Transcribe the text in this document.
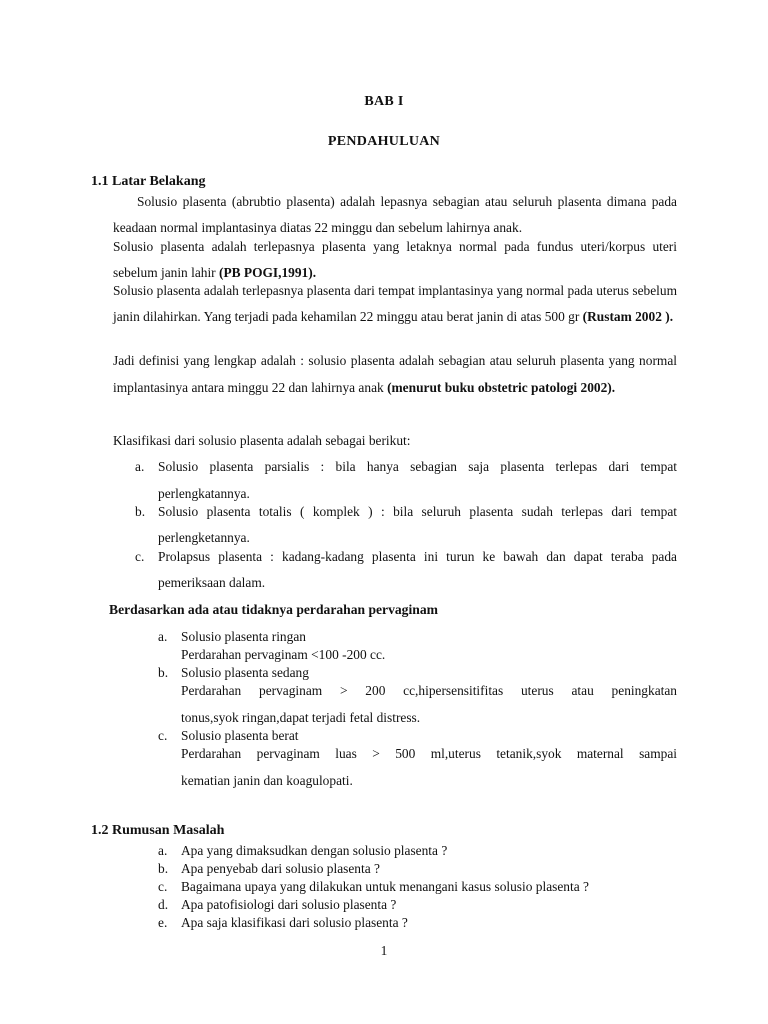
BAB I
PENDAHULUAN
1.1 Latar Belakang
Solusio plasenta (abrubtio plasenta) adalah lepasnya sebagian atau seluruh plasenta dimana pada keadaan normal implantasinya diatas 22 minggu dan sebelum lahirnya anak.
Solusio plasenta adalah terlepasnya plasenta yang letaknya normal pada fundus uteri/korpus uteri sebelum janin lahir (PB POGI,1991).
Solusio plasenta adalah terlepasnya plasenta dari tempat implantasinya yang normal pada uterus sebelum janin dilahirkan. Yang terjadi pada kehamilan 22 minggu atau berat janin di atas 500 gr (Rustam 2002 ).
Jadi definisi yang lengkap adalah : solusio plasenta adalah sebagian atau seluruh plasenta yang normal implantasinya antara minggu 22 dan lahirnya anak (menurut buku obstetric patologi 2002).
Klasifikasi dari solusio plasenta adalah sebagai berikut:
a. Solusio plasenta parsialis : bila hanya sebagian saja plasenta terlepas dari tempat
perlengkatannya.
b. Solusio plasenta totalis ( komplek ) : bila seluruh plasenta sudah terlepas dari tempat
perlengketannya.
c. Prolapsus plasenta : kadang-kadang plasenta ini turun ke bawah dan dapat teraba pada
pemeriksaan dalam.
Berdasarkan ada atau tidaknya perdarahan pervaginam
a. Solusio plasenta ringan
Perdarahan pervaginam <100 -200 cc.
b. Solusio plasenta sedang
Perdarahan pervaginam > 200 cc,hipersensitifitas uterus atau peningkatan
tonus,syok ringan,dapat terjadi fetal distress.
c. Solusio plasenta berat
Perdarahan pervaginam luas > 500 ml,uterus tetanik,syok maternal sampai
kematian janin dan koagulopati.
1.2 Rumusan Masalah
a. Apa yang dimaksudkan dengan solusio plasenta ?
b. Apa penyebab dari solusio plasenta ?
c. Bagaimana upaya yang dilakukan untuk menangani kasus solusio plasenta ?
d. Apa patofisiologi dari solusio plasenta ?
e. Apa saja klasifikasi dari solusio plasenta ?
1
